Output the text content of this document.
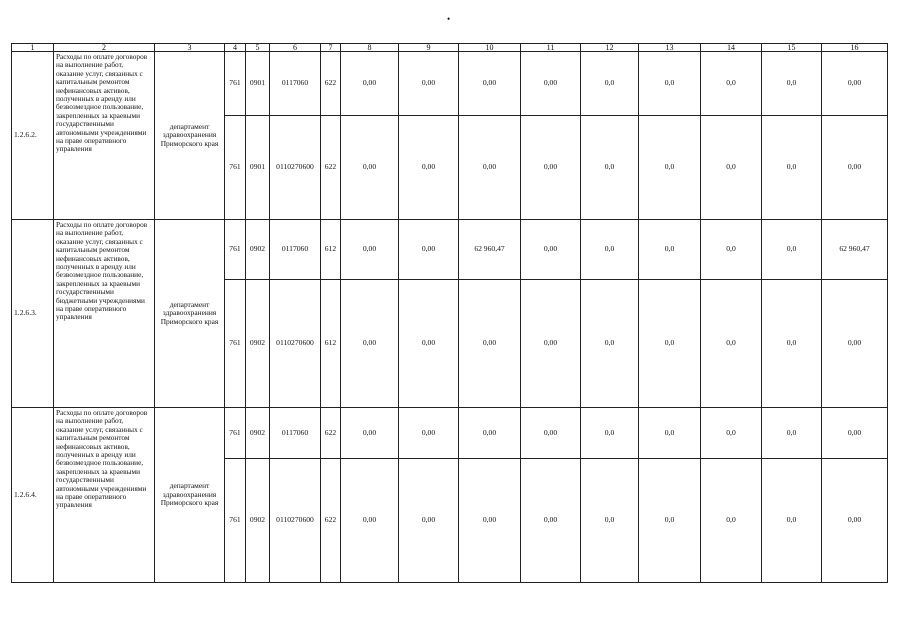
•
1	2	3	4	5	6	7	8	9	10	11	12	13	14	15	16
1.2.6.2.	Расходы по оплате договоров на выполнение работ, оказание услуг, связанных с капитальным ремонтом нефинансовых активов, полученных в аренду или безвозмездное пользование, закрепленных за краевыми государственными автономными учреждениями на праве оперативного управления	департамент здравоохранения Приморского края	761	0901	0117060	622	0,00	0,00	0,00	0,00	0,0	0,0	0,0	0,0	0,00
			761	0901	0110270600	622	0,00	0,00	0,00	0,00	0,0	0,0	0,0	0,0	0,00
1.2.6.3.	Расходы по оплате договоров на выполнение работ, оказание услуг, связанных с капитальным ремонтом нефинансовых активов, полученных в аренду или безвозмездное пользование, закрепленных за краевыми государственными бюджетными учреждениями на праве оперативного управления	департамент здравоохранения Приморского края	761	0902	0117060	612	0,00	0,00	62 960,47	0,00	0,0	0,0	0,0	0,0	62 960,47
			761	0902	0110270600	612	0,00	0,00	0,00	0,00	0,0	0,0	0,0	0,0	0,00
1.2.6.4.	Расходы по оплате договоров на выполнение работ, оказание услуг, связанных с капитальным ремонтом нефинансовых активов, полученных в аренду или безвозмездное пользование, закрепленных за краевыми государственными автономными учреждениями на праве оперативного управления	департамент здравоохранения Приморского края	761	0902	0117060	622	0,00	0,00	0,00	0,00	0,0	0,0	0,0	0,0	0,00
			761	0902	0110270600	622	0,00	0,00	0,00	0,00	0,0	0,0	0,0	0,0	0,00
